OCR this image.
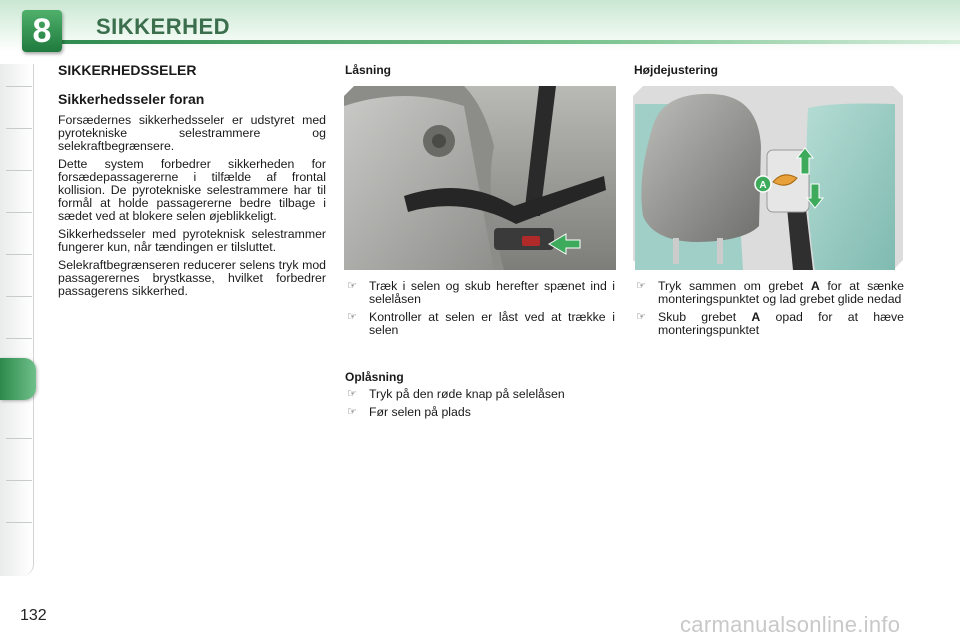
8	SIKKERHED
SIKKERHEDSSELER
Sikkerhedsseler foran

Forsædernes sikkerhedsseler er udstyret med pyrotekniske selestrammere og selekraftbegrænsere.

Dette system forbedrer sikkerheden for forsædepassagererne i tilfælde af frontal kollision. De pyrotekniske selestrammere har til formål at holde passagererne bedre tilbage i sædet ved at blokere selen øjeblikkeligt.

Sikkerhedsseler med pyroteknisk selestrammer fungerer kun, når tændingen er tilsluttet.

Selekraftbegrænseren reducerer selens tryk mod passagerernes brystkasse, hvilket forbedrer passagerens sikkerhed.

Låsning
☞ Træk i selen og skub herefter spænet ind i selelåsen
☞ Kontroller at selen er låst ved at trække i selen
Oplåsning
☞ Tryk på den røde knap på selelåsen
☞ Før selen på plads
Højdejustering
A
☞ Tryk sammen om grebet A for at sænke monteringspunktet og lad grebet glide nedad
☞ Skub grebet A opad for at hæve monteringspunktet
132	carmanualsonline.info
